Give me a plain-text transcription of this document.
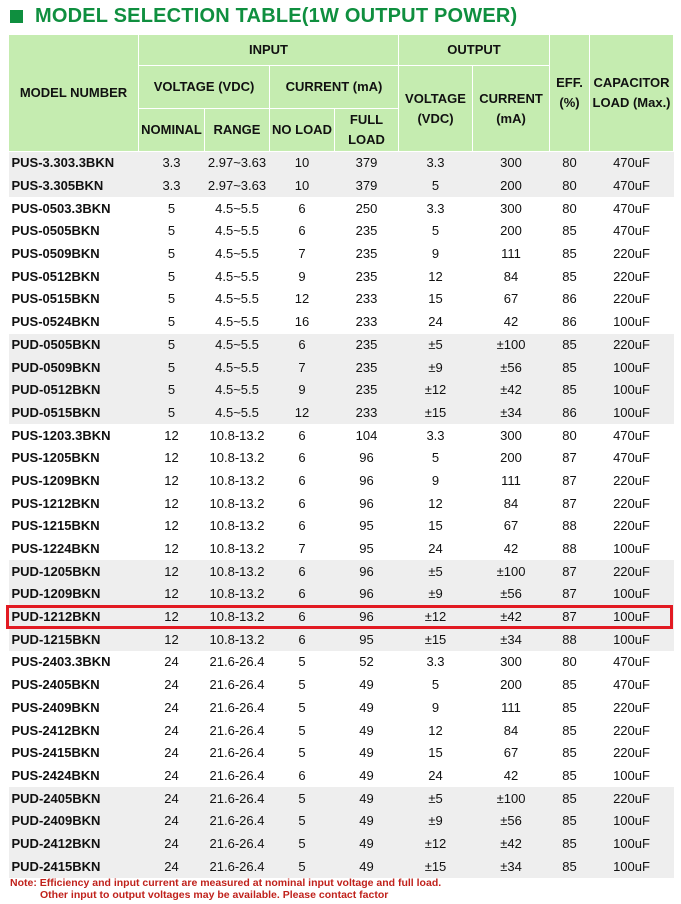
MODEL SELECTION TABLE(1W OUTPUT POWER)
MODEL NUMBER	INPUT				OUTPUT		EFF. (%)	CAPACITOR LOAD (Max.)
	VOLTAGE (VDC)		CURRENT (mA)		VOLTAGE (VDC)	CURRENT (mA)		
	NOMINAL	RANGE	NO LOAD	FULL LOAD				
PUS-3.303.3BKN	3.3	2.97~3.63	10	379	3.3	300	80	470uF
PUS-3.305BKN	3.3	2.97~3.63	10	379	5	200	80	470uF
PUS-0503.3BKN	5	4.5~5.5	6	250	3.3	300	80	470uF
PUS-0505BKN	5	4.5~5.5	6	235	5	200	85	470uF
PUS-0509BKN	5	4.5~5.5	7	235	9	111	85	220uF
PUS-0512BKN	5	4.5~5.5	9	235	12	84	85	220uF
PUS-0515BKN	5	4.5~5.5	12	233	15	67	86	220uF
PUS-0524BKN	5	4.5~5.5	16	233	24	42	86	100uF
PUD-0505BKN	5	4.5~5.5	6	235	±5	±100	85	220uF
PUD-0509BKN	5	4.5~5.5	7	235	±9	±56	85	100uF
PUD-0512BKN	5	4.5~5.5	9	235	±12	±42	85	100uF
PUD-0515BKN	5	4.5~5.5	12	233	±15	±34	86	100uF
PUS-1203.3BKN	12	10.8-13.2	6	104	3.3	300	80	470uF
PUS-1205BKN	12	10.8-13.2	6	96	5	200	87	470uF
PUS-1209BKN	12	10.8-13.2	6	96	9	111	87	220uF
PUS-1212BKN	12	10.8-13.2	6	96	12	84	87	220uF
PUS-1215BKN	12	10.8-13.2	6	95	15	67	88	220uF
PUS-1224BKN	12	10.8-13.2	7	95	24	42	88	100uF
PUD-1205BKN	12	10.8-13.2	6	96	±5	±100	87	220uF
PUD-1209BKN	12	10.8-13.2	6	96	±9	±56	87	100uF
PUD-1212BKN	12	10.8-13.2	6	96	±12	±42	87	100uF
PUD-1215BKN	12	10.8-13.2	6	95	±15	±34	88	100uF
PUS-2403.3BKN	24	21.6-26.4	5	52	3.3	300	80	470uF
PUS-2405BKN	24	21.6-26.4	5	49	5	200	85	470uF
PUS-2409BKN	24	21.6-26.4	5	49	9	111	85	220uF
PUS-2412BKN	24	21.6-26.4	5	49	12	84	85	220uF
PUS-2415BKN	24	21.6-26.4	5	49	15	67	85	220uF
PUS-2424BKN	24	21.6-26.4	6	49	24	42	85	100uF
PUD-2405BKN	24	21.6-26.4	5	49	±5	±100	85	220uF
PUD-2409BKN	24	21.6-26.4	5	49	±9	±56	85	100uF
PUD-2412BKN	24	21.6-26.4	5	49	±12	±42	85	100uF
PUD-2415BKN	24	21.6-26.4	5	49	±15	±34	85	100uF
Note: Efficiency and input current are measured at nominal input voltage and full load.
Other input to output voltages may be available. Please contact factor
